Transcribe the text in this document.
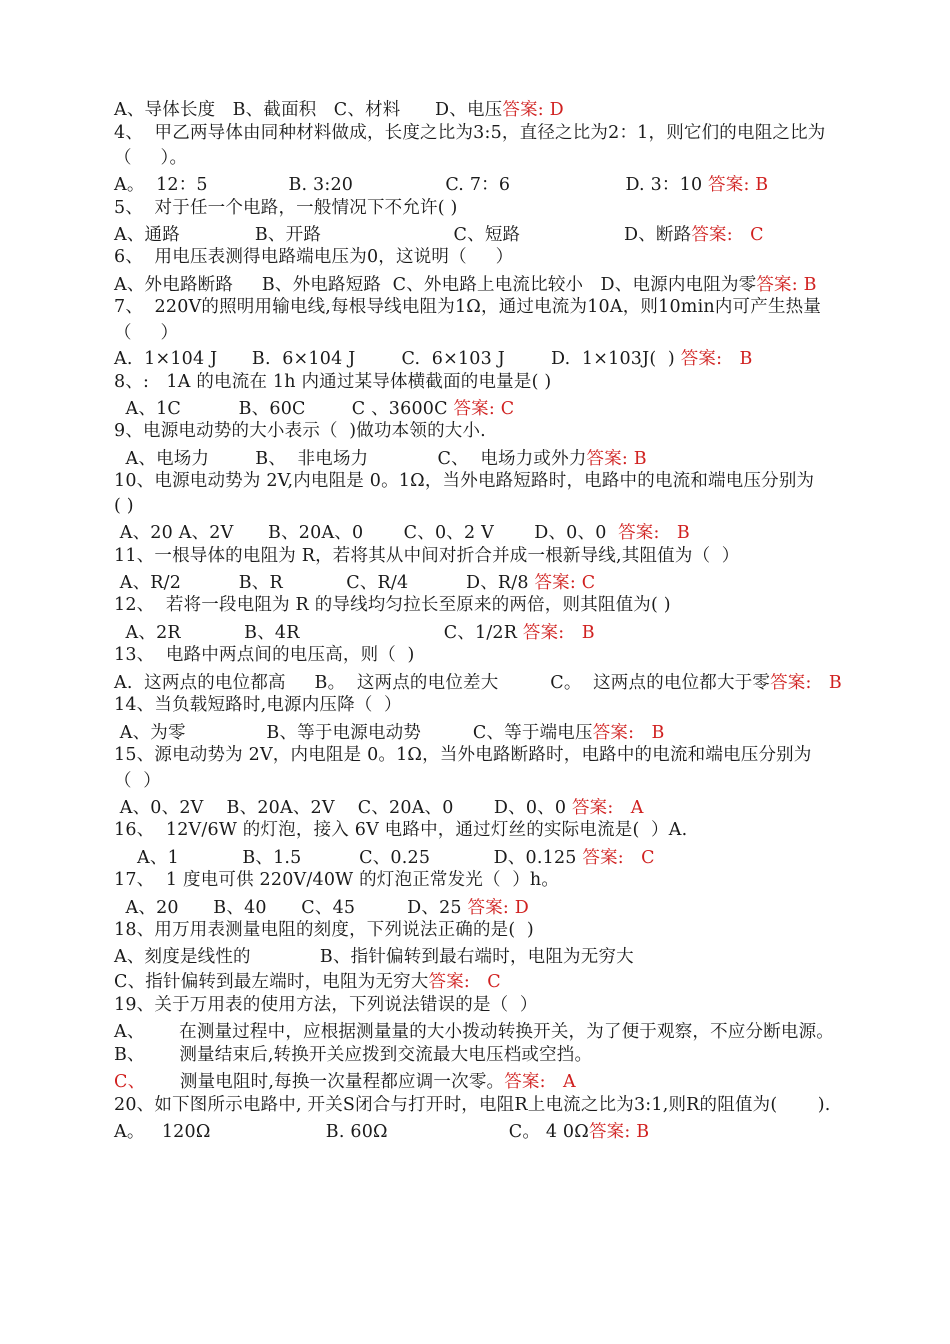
A、导体长度   B、截面积   C、材料      D、电压答案: D
4、  甲乙两导体由同种材料做成，长度之比为3:5，直径之比为2：1，则它们的电阻之比为
（     ）。
A。  12：5              B. 3:20                C. 7：6                    D. 3：10 答案: B
5、  对于任一个电路，一般情况下不允许( )
A、通路             B、开路                       C、短路                  D、断路答案:   C
6、  用电压表测得电路端电压为0，这说明（     ）
A、外电路断路     B、外电路短路  C、外电路上电流比较小   D、电源内电阻为零答案: B
7、  220V的照明用输电线,每根导线电阻为1Ω，通过电流为10A，则10min内可产生热量
（     ）
A.  1×104 J      B.  6×104 J        C.  6×103 J        D.  1×103J(  ) 答案:   B
8、:   1A 的电流在 1h 内通过某导体横截面的电量是( )
A、1C          B、60C        C 、3600C 答案: C
9、电源电动势的大小表示（  )做功本领的大小.
A、电场力        B、  非电场力            C、  电场力或外力答案: B
10、电源电动势为 2V,内电阻是 0。1Ω，当外电路短路时，电路中的电流和端电压分别为
( )
A、20 A、2V      B、20A、0       C、0、2 V       D、0、0  答案:   B
11、一根导体的电阻为 R，若将其从中间对折合并成一根新导线,其阻值为（  ）
A、R/2          B、R           C、R/4          D、R/8 答案: C
12、  若将一段电阻为 R 的导线均匀拉长至原来的两倍，则其阻值为( )
A、2R           B、4R                         C、1/2R 答案:   B
13、  电路中两点间的电压高，则（  )
A.  这两点的电位都高     B。  这两点的电位差大         C。  这两点的电位都大于零答案:   B
14、当负载短路时,电源内压降（  ）
A、为零              B、等于电源电动势         C、等于端电压答案:   B
15、源电动势为 2V，内电阻是 0。1Ω，当外电路断路时，电路中的电流和端电压分别为
（  ）
A、0、2V    B、20A、2V    C、20A、0       D、0、0 答案:   A
16、  12V/6W 的灯泡，接入 6V 电路中，通过灯丝的实际电流是(  ）A.
A、1           B、1.5          C、0.25           D、0.125 答案:   C
17、  1 度电可供 220V/40W 的灯泡正常发光（  ）h。
A、20      B、40      C、45         D、25 答案: D
18、用万用表测量电阻的刻度，下列说法正确的是(  )
A、刻度是线性的            B、指针偏转到最右端时，电阻为无穷大
C、指针偏转到最左端时，电阻为无穷大答案:   C
19、关于万用表的使用方法，下列说法错误的是（  ）
A、      在测量过程中，应根据测量量的大小拨动转换开关，为了便于观察，不应分断电源。
B、      测量结束后,转换开关应拨到交流最大电压档或空挡。
C、      测量电阻时,每换一次量程都应调一次零。答案:   A
20、如下图所示电路中, 开关S闭合与打开时，电阻R上电流之比为3:1,则R的阻值为(       ).
A。   120Ω                    B. 60Ω                     C。 4 0Ω答案: B
